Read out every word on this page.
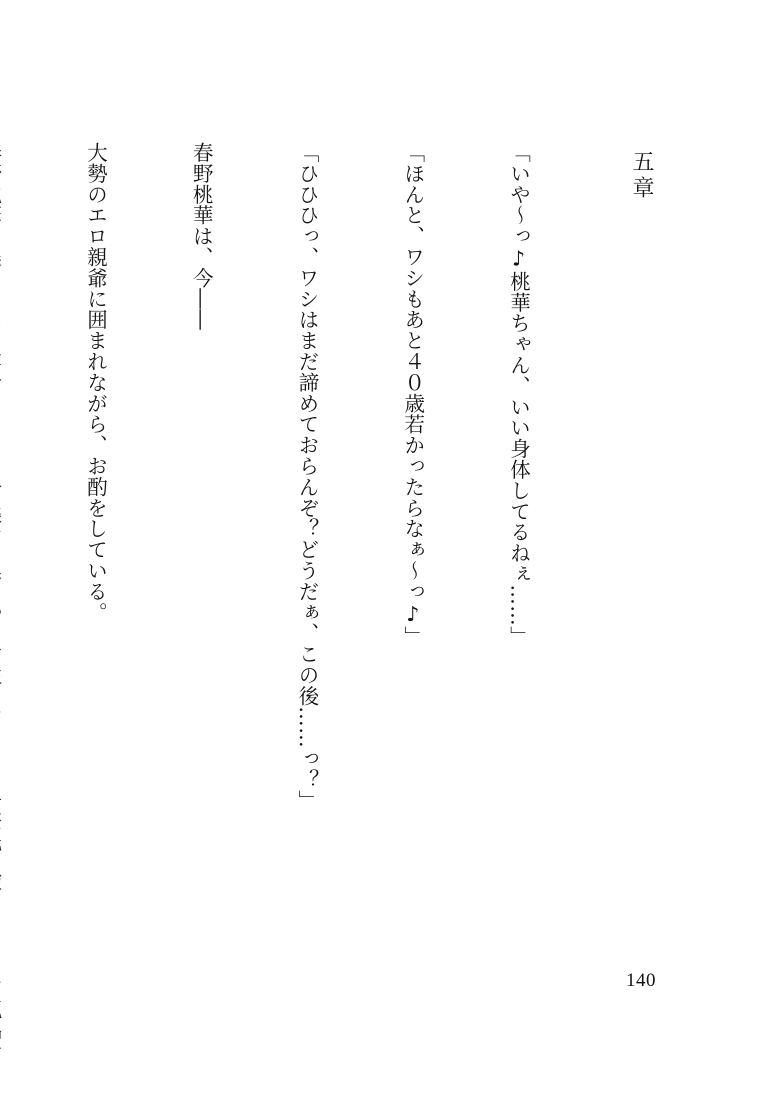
五章

「いや〜っ♪桃華ちゃん、いい身体してるねぇ……」

「ほんと、ワシもあと４０歳若かったらなぁ〜っ♪」

「ひひひっ、ワシはまだ諦めておらんぞ？どうだぁ、この後……っ？」

春野桃華は、今――

大勢のエロ親爺に囲まれながら、お酌をしている。

140
